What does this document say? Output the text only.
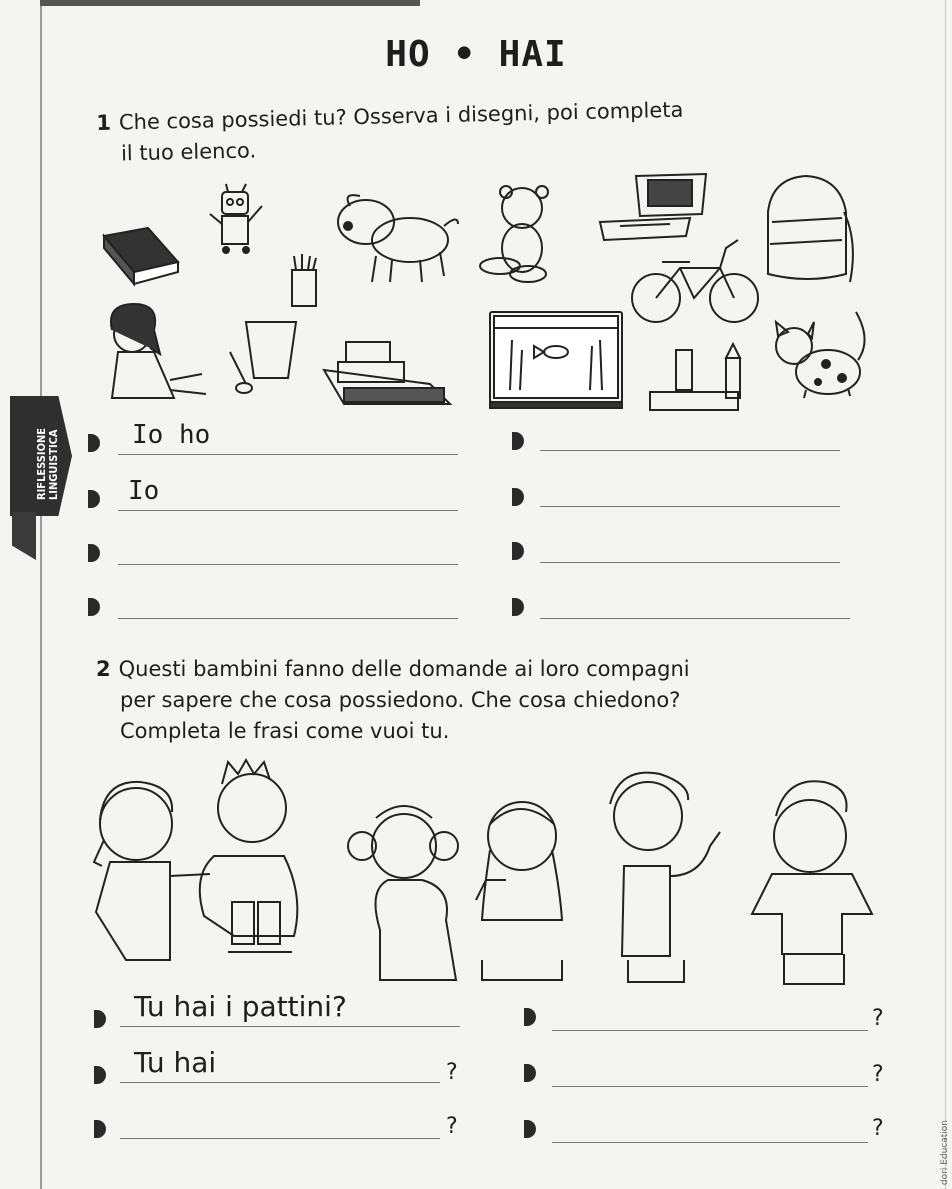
HO • HAI
RIFLESSIONE LINGUISTICA
1 Che cosa possiedi tu? Osserva i disegni, poi completa
il tuo elenco.
Io ho
Io
2 Questi bambini fanno delle domande ai loro compagni
per sapere che cosa possiedono. Che cosa chiedono?
Completa le frasi come vuoi tu.
Tu hai i pattini?	?
Tu hai	?	?
?	?	dori Education
